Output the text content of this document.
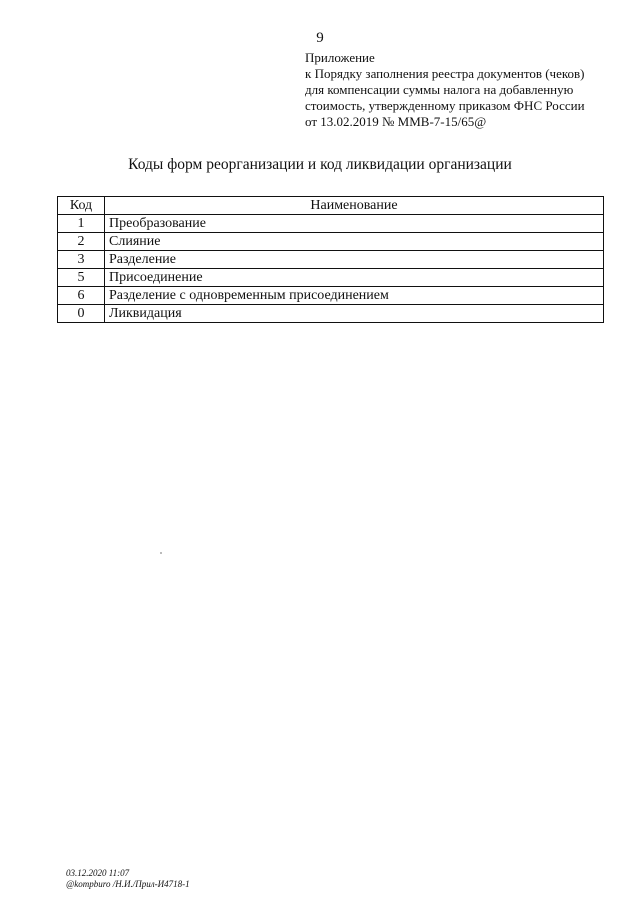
9
Приложение
к Порядку заполнения реестра документов (чеков)
для компенсации суммы налога на добавленную
стоимость, утвержденному приказом ФНС России
от 13.02.2019 № ММВ-7-15/65@
Коды форм реорганизации и код ликвидации организации
Код	Наименование
1	Преобразование
2	Слияние
3	Разделение
5	Присоединение
6	Разделение с одновременным присоединением
0	Ликвидация
03.12.2020 11:07
@kompburo /Н.И./Прил-И4718-1
